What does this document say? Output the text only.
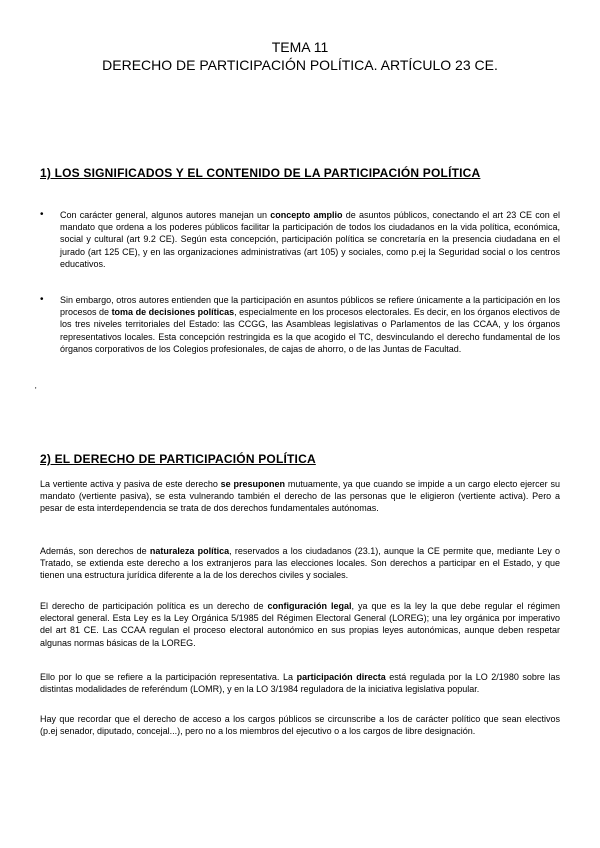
TEMA 11
DERECHO DE PARTICIPACIÓN POLÍTICA. ARTÍCULO 23 CE.
1) LOS SIGNIFICADOS Y EL CONTENIDO DE LA PARTICIPACIÓN POLÍTICA
• Con carácter general, algunos autores manejan un concepto amplio de asuntos públicos, conectando el art 23 CE con el mandato que ordena a los poderes públicos facilitar la participación de todos los ciudadanos en la vida política, económica, social y cultural (art 9.2 CE). Según esta concepción, participación política se concretaría en la presencia ciudadana en el jurado (art 125 CE), y en las organizaciones administrativas (art 105) y sociales, como p.ej la Seguridad social o los centros educativos.
• Sin embargo, otros autores entienden que la participación en asuntos públicos se refiere únicamente a la participación en los procesos de toma de decisiones políticas, especialmente en los procesos electorales. Es decir, en los órganos electivos de los tres niveles territoriales del Estado: las CCGG, las Asambleas legislativas o Parlamentos de las CCAA, y los órganos representativos locales. Esta concepción restringida es la que acogido el TC, desvinculando el derecho fundamental de los órganos corporativos de los Colegios profesionales, de cajas de ahorro, o de las Juntas de Facultad.
'
2) EL DERECHO DE PARTICIPACIÓN POLÍTICA
La vertiente activa y pasiva de este derecho se presuponen mutuamente, ya que cuando se impide a un cargo electo ejercer su mandato (vertiente pasiva), se esta vulnerando también el derecho de las personas que le eligieron (vertiente activa). Pero a pesar de esta interdependencia se trata de dos derechos fundamentales autónomas.
Además, son derechos de naturaleza política, reservados a los ciudadanos (23.1), aunque la CE permite que, mediante Ley o Tratado, se extienda este derecho a los extranjeros para las elecciones locales. Son derechos a participar en el Estado, y que tienen una estructura jurídica diferente a la de los derechos civiles y sociales.
El derecho de participación política es un derecho de configuración legal, ya que es la ley la que debe regular el régimen electoral general. Esta Ley es la Ley Orgánica 5/1985 del Régimen Electoral General (LOREG); una ley orgánica por imperativo del art 81 CE. Las CCAA regulan el proceso electoral autonómico en sus propias leyes autonómicas, aunque deben respetar algunas normas básicas de la LOREG.
Ello por lo que se refiere a la participación representativa. La participación directa está regulada por la LO 2/1980 sobre las distintas modalidades de referéndum (LOMR), y en la LO 3/1984 reguladora de la iniciativa legislativa popular.
Hay que recordar que el derecho de acceso a los cargos públicos se circunscribe a los de carácter político que sean electivos (p.ej senador, diputado, concejal...), pero no a los miembros del ejecutivo o a los cargos de libre designación.
